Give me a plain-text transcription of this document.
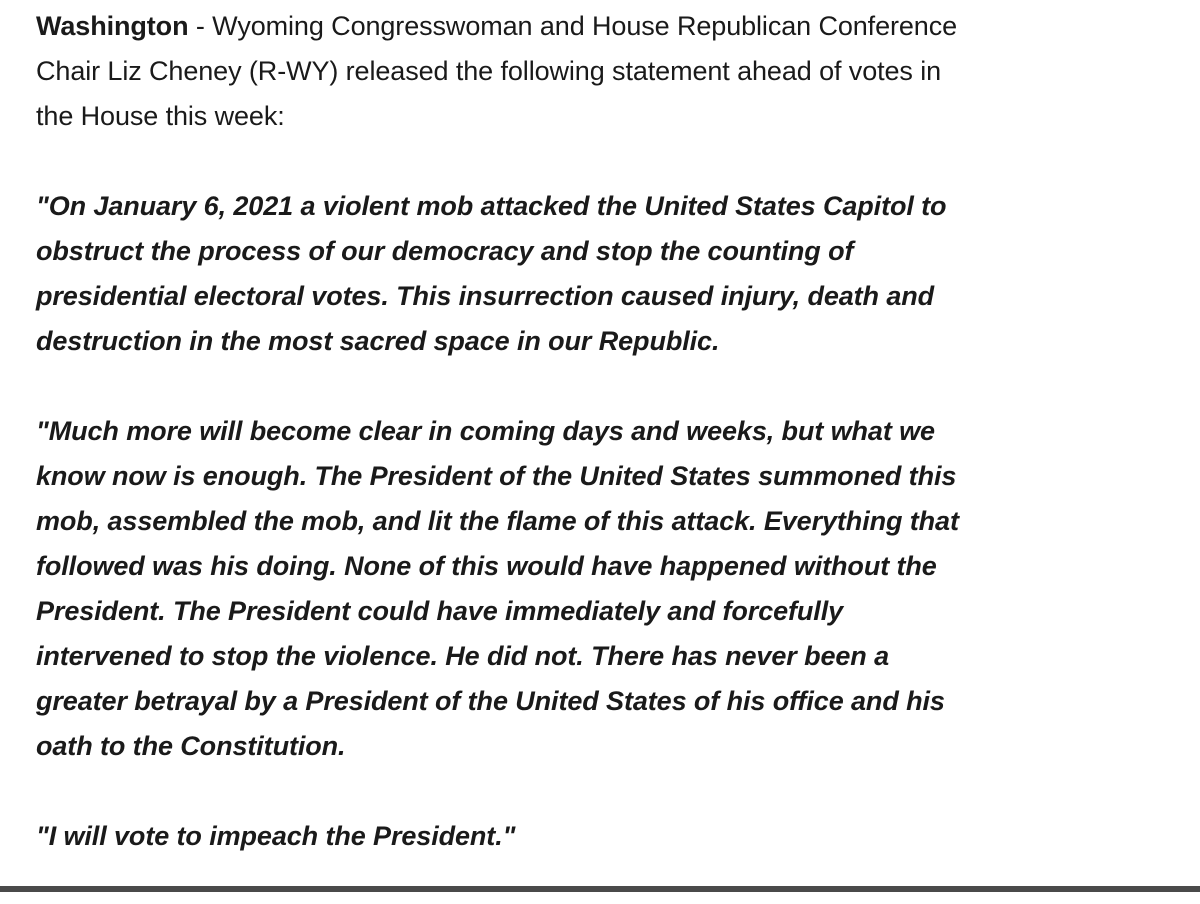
Washington - Wyoming Congresswoman and House Republican Conference

Chair Liz Cheney (R-WY) released the following statement ahead of votes in

the House this week:

"On January 6, 2021 a violent mob attacked the United States Capitol to

obstruct the process of our democracy and stop the counting of

presidential electoral votes. This insurrection caused injury, death and

destruction in the most sacred space in our Republic.

"Much more will become clear in coming days and weeks, but what we

know now is enough. The President of the United States summoned this

mob, assembled the mob, and lit the flame of this attack. Everything that

followed was his doing. None of this would have happened without the

President. The President could have immediately and forcefully

intervened to stop the violence. He did not. There has never been a

greater betrayal by a President of the United States of his office and his

oath to the Constitution.

"I will vote to impeach the President."
